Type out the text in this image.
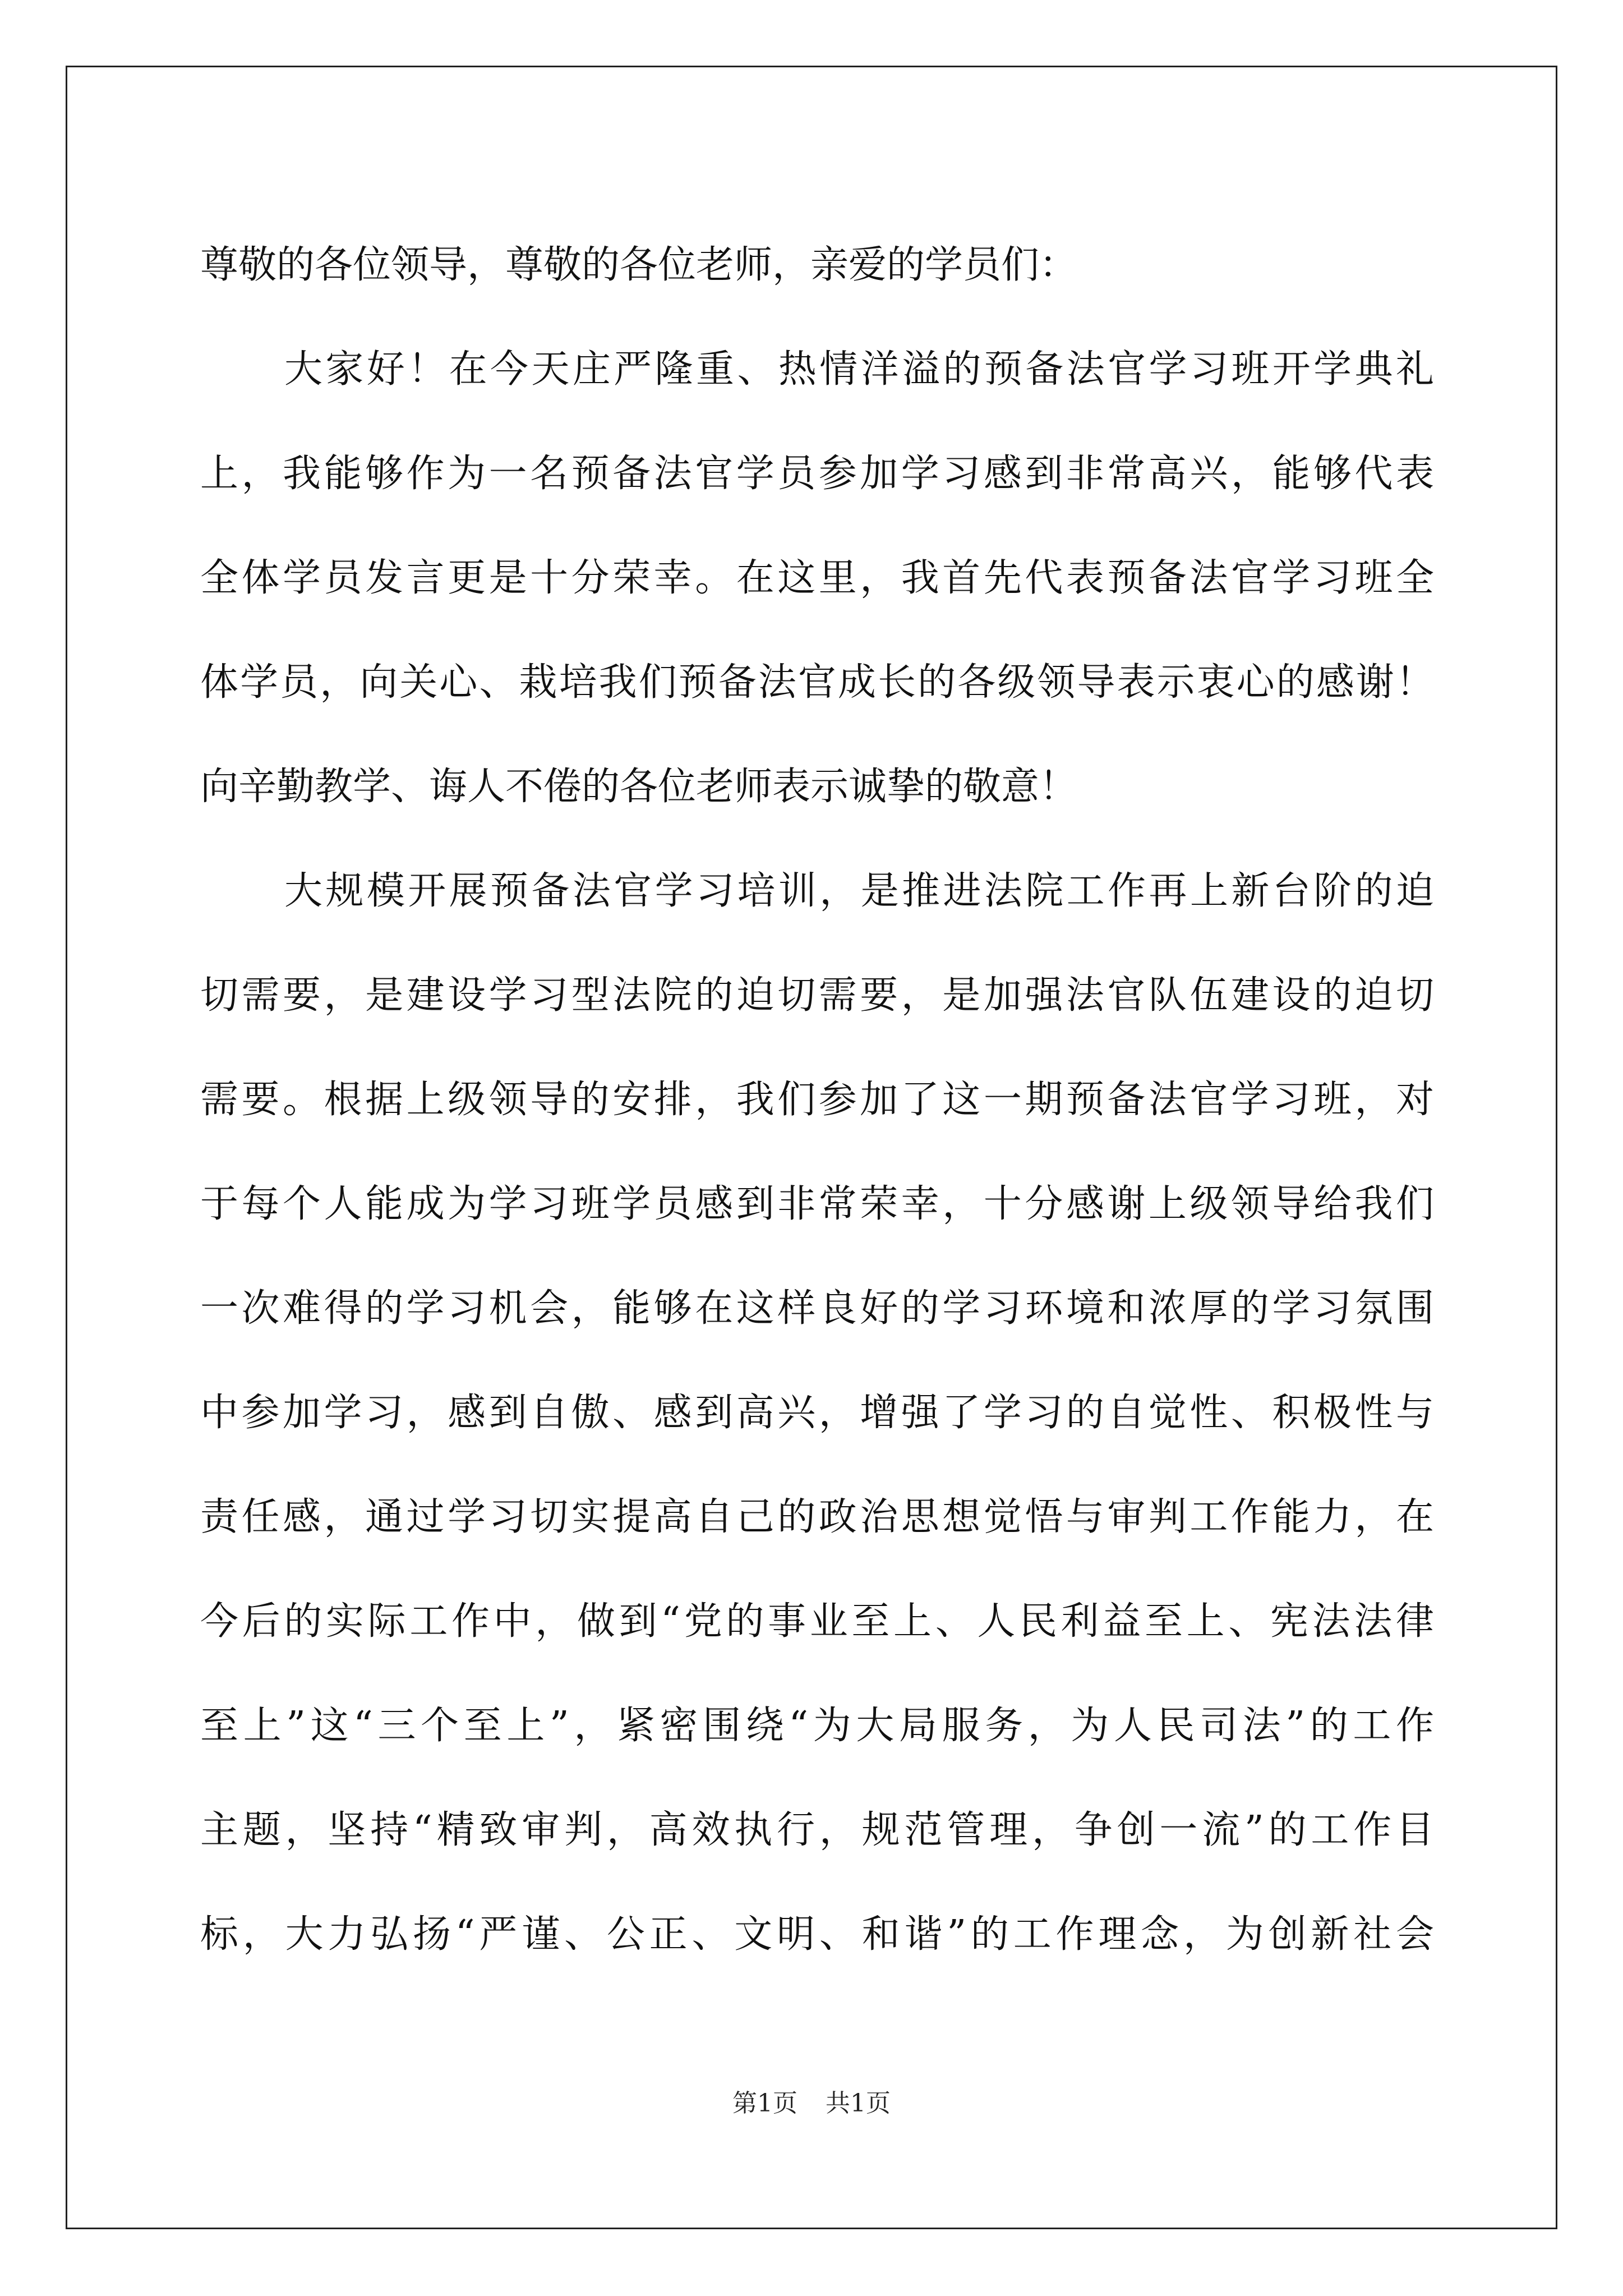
尊敬的各位领导，尊敬的各位老师，亲爱的学员们：
大家好！在今天庄严隆重、热情洋溢的预备法官学习班开学典礼
上，我能够作为一名预备法官学员参加学习感到非常高兴，能够代表
全体学员发言更是十分荣幸。在这里，我首先代表预备法官学习班全
体学员，向关心、栽培我们预备法官成长的各级领导表示衷心的感谢！
向辛勤教学、诲人不倦的各位老师表示诚挚的敬意！
大规模开展预备法官学习培训，是推进法院工作再上新台阶的迫
切需要，是建设学习型法院的迫切需要，是加强法官队伍建设的迫切
需要。根据上级领导的安排，我们参加了这一期预备法官学习班，对
于每个人能成为学习班学员感到非常荣幸，十分感谢上级领导给我们
一次难得的学习机会，能够在这样良好的学习环境和浓厚的学习氛围
中参加学习，感到自傲、感到高兴，增强了学习的自觉性、积极性与
责任感，通过学习切实提高自己的政治思想觉悟与审判工作能力，在
今后的实际工作中，做到“党的事业至上、人民利益至上、宪法法律
至上”这“三个至上”，紧密围绕“为大局服务，为人民司法”的工作
主题，坚持“精致审判，高效执行，规范管理，争创一流”的工作目
标，大力弘扬“严谨、公正、文明、和谐”的工作理念，为创新社会
第1页 共1页
